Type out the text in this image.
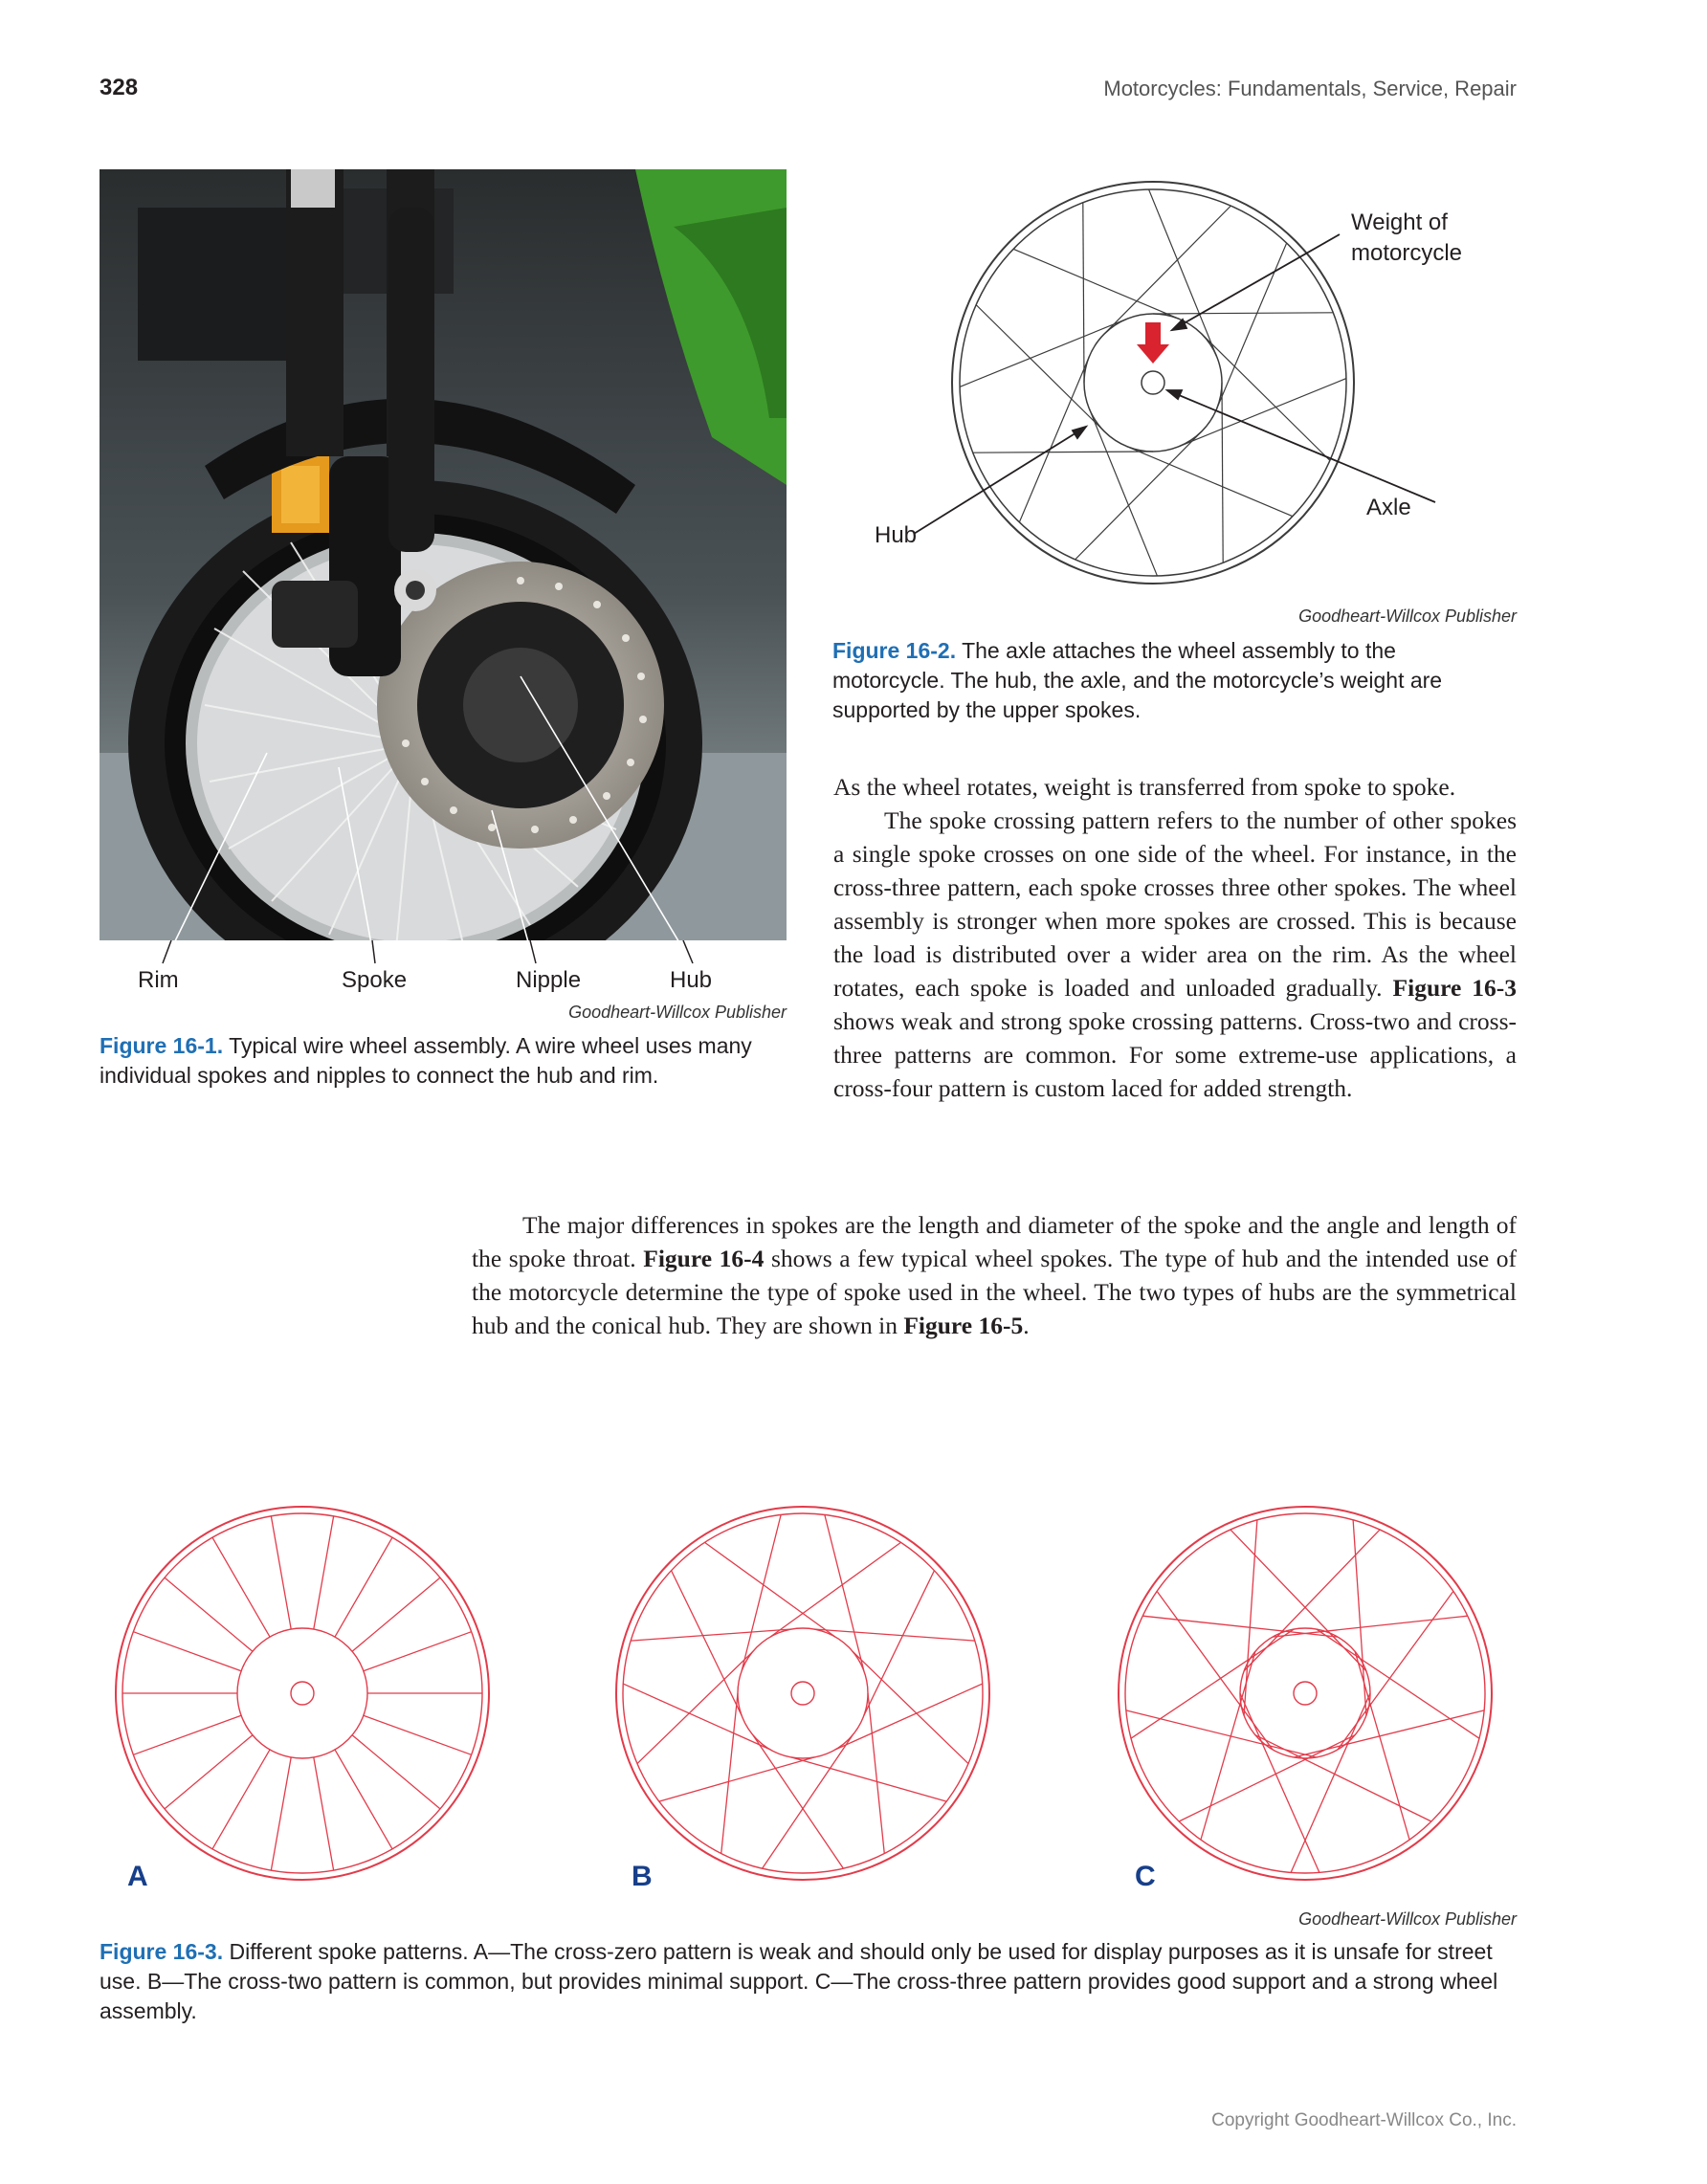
328	Motorcycles: Fundamentals, Service, Repair
Rim	Spoke	Nipple	Hub
Goodheart-Willcox Publisher
Figure 16-1. Typical wire wheel assembly. A wire wheel uses many individual spokes and nipples to connect the hub and rim.
Weight of
motorcycle
Axle
Hub
Goodheart-Willcox Publisher
Figure 16-2. The axle attaches the wheel assembly to the motorcycle. The hub, the axle, and the motorcycle’s weight are supported by the upper spokes.

As the wheel rotates, weight is transferred from spoke to spoke.

The spoke crossing pattern refers to the number of other spokes a single spoke crosses on one side of the wheel. For instance, in the cross-three pattern, each spoke crosses three other spokes. The wheel assembly is stronger when more spokes are crossed. This is because the load is distributed over a wider area on the rim. As the wheel rotates, each spoke is loaded and unloaded gradually. Figure 16-3 shows weak and strong spoke crossing patterns. Cross-two and cross-three patterns are common. For some extreme-use applications, a cross-four pattern is custom laced for added strength.

The major differences in spokes are the length and diameter of the spoke and the angle and length of the spoke throat. Figure 16-4 shows a few typical wheel spokes. The type of hub and the intended use of the motorcycle determine the type of spoke used in the wheel. The two types of hubs are the symmetrical hub and the conical hub. They are shown in Figure 16-5.

A	B	C
Goodheart-Willcox Publisher
Figure 16-3. Different spoke patterns. A—The cross-zero pattern is weak and should only be used for display purposes as it is unsafe for street use. B—The cross-two pattern is common, but provides minimal support. C—The cross-three pattern provides good support and a strong wheel assembly.
Copyright Goodheart-Willcox Co., Inc.
